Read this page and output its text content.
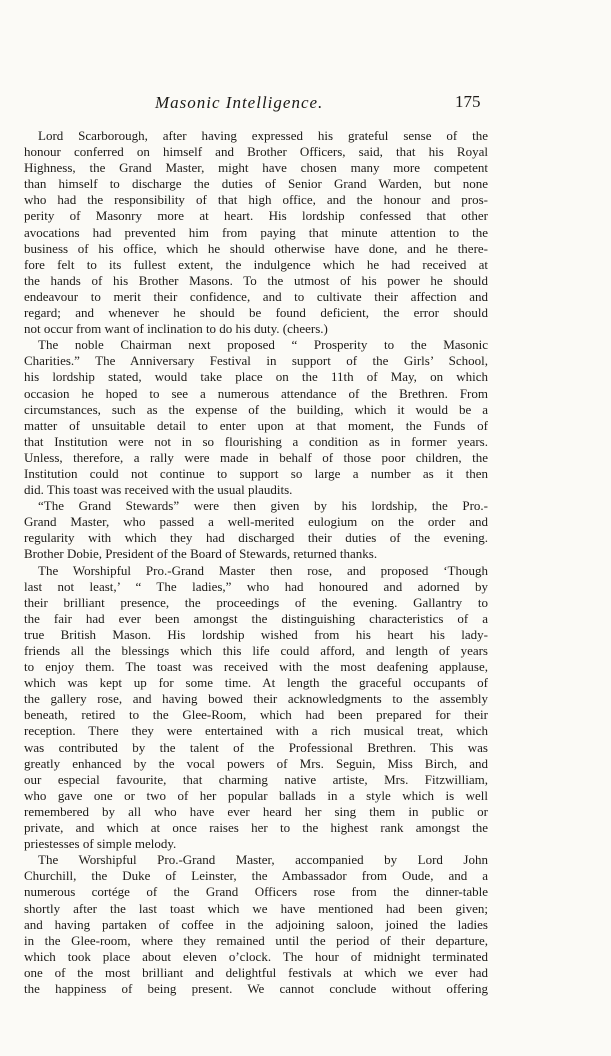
Masonic Intelligence.	175
Lord Scarborough, after having expressed his grateful sense of the
honour conferred on himself and Brother Officers, said, that his Royal
Highness, the Grand Master, might have chosen many more competent
than himself to discharge the duties of Senior Grand Warden, but none
who had the responsibility of that high office, and the honour and pros-
perity of Masonry more at heart. His lordship confessed that other
avocations had prevented him from paying that minute attention to the
business of his office, which he should otherwise have done, and he there-
fore felt to its fullest extent, the indulgence which he had received at
the hands of his Brother Masons. To the utmost of his power he should
endeavour to merit their confidence, and to cultivate their affection and
regard; and whenever he should be found deficient, the error should
not occur from want of inclination to do his duty. (cheers.)
The noble Chairman next proposed “ Prosperity to the Masonic
Charities.” The Anniversary Festival in support of the Girls’ School,
his lordship stated, would take place on the 11th of May, on which
occasion he hoped to see a numerous attendance of the Brethren. From
circumstances, such as the expense of the building, which it would be a
matter of unsuitable detail to enter upon at that moment, the Funds of
that Institution were not in so flourishing a condition as in former years.
Unless, therefore, a rally were made in behalf of those poor children, the
Institution could not continue to support so large a number as it then
did. This toast was received with the usual plaudits.
“The Grand Stewards” were then given by his lordship, the Pro.-
Grand Master, who passed a well-merited eulogium on the order and
regularity with which they had discharged their duties of the evening.
Brother Dobie, President of the Board of Stewards, returned thanks.
The Worshipful Pro.-Grand Master then rose, and proposed ‘Though
last not least,’ “ The ladies,” who had honoured and adorned by
their brilliant presence, the proceedings of the evening. Gallantry to
the fair had ever been amongst the distinguishing characteristics of a
true British Mason. His lordship wished from his heart his lady-
friends all the blessings which this life could afford, and length of years
to enjoy them. The toast was received with the most deafening applause,
which was kept up for some time. At length the graceful occupants of
the gallery rose, and having bowed their acknowledgments to the assembly
beneath, retired to the Glee-Room, which had been prepared for their
reception. There they were entertained with a rich musical treat, which
was contributed by the talent of the Professional Brethren. This was
greatly enhanced by the vocal powers of Mrs. Seguin, Miss Birch, and
our especial favourite, that charming native artiste, Mrs. Fitzwilliam,
who gave one or two of her popular ballads in a style which is well
remembered by all who have ever heard her sing them in public or
private, and which at once raises her to the highest rank amongst the
priestesses of simple melody.
The Worshipful Pro.-Grand Master, accompanied by Lord John
Churchill, the Duke of Leinster, the Ambassador from Oude, and a
numerous cortége of the Grand Officers rose from the dinner-table
shortly after the last toast which we have mentioned had been given;
and having partaken of coffee in the adjoining saloon, joined the ladies
in the Glee-room, where they remained until the period of their departure,
which took place about eleven o’clock. The hour of midnight terminated
one of the most brilliant and delightful festivals at which we ever had
the happiness of being present. We cannot conclude without offering
